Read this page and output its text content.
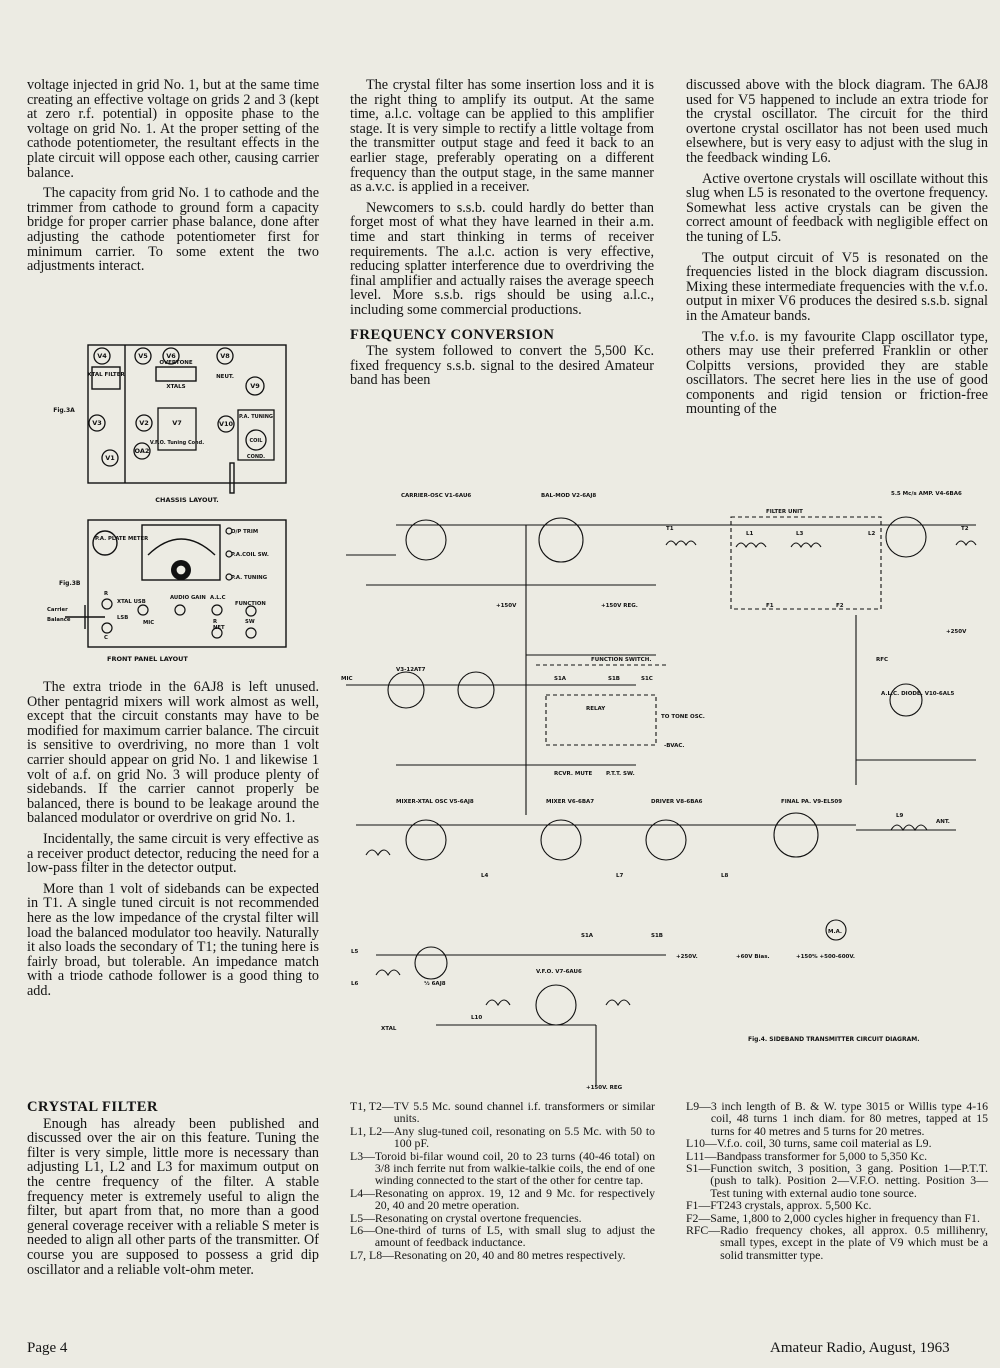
voltage injected in grid No. 1, but at the same time creating an effective voltage on grids 2 and 3 (kept at zero r.f. potential) in opposite phase to the voltage on grid No. 1. At the proper setting of the cathode potentiometer, the resultant effects in the plate circuit will oppose each other, causing carrier balance.

The capacity from grid No. 1 to cathode and the trimmer from cathode to ground form a capacity bridge for proper carrier phase balance, done after adjusting the cathode potentiometer first for minimum carrier. To some extent the two adjustments interact.

V4	V5	V6	V8
V9
V3	V7	V10
V1
V2
OA2
XTAL FILTER
OVERTONE
XTALS
NEUT.
V.F.O. Tuning Cond.
P.A. TUNING
COIL
COND.
Fig.3A
CHASSIS LAYOUT.
P.A. PLATE METER
O/P TRIM
P.A.COIL SW.
P.A. TUNING
AUDIO GAIN A.L.C
FUNCTION
XTAL USB
LSB
MIC
R
C
R
NET
SW
Carrier
Balance
Fig.3B
FRONT PANEL LAYOUT

The extra triode in the 6AJ8 is left unused. Other pentagrid mixers will work almost as well, except that the circuit constants may have to be modified for maximum carrier balance. The circuit is sensitive to overdriving, no more than 1 volt carrier should appear on grid No. 1 and likewise 1 volt of a.f. on grid No. 3 will produce plenty of sidebands. If the carrier cannot properly be balanced, there is bound to be leakage around the balanced modulator or overdrive on grid No. 1.

Incidentally, the same circuit is very effective as a receiver product detector, reducing the need for a low-pass filter in the detector output.

More than 1 volt of sidebands can be expected in T1. A single tuned circuit is not recommended here as the low impedance of the crystal filter will load the balanced modulator too heavily. Naturally it also loads the secondary of T1; the tuning here is fairly broad, but tolerable. An impedance match with a triode cathode follower is a good thing to add.

CRYSTAL FILTER

Enough has already been published and discussed over the air on this feature. Tuning the filter is very simple, little more is necessary than adjusting L1, L2 and L3 for maximum output on the centre frequency of the filter. A stable frequency meter is extremely useful to align the filter, but apart from that, no more than a good general coverage receiver with a reliable S meter is needed to align all other parts of the transmitter. Of course you are supposed to possess a grid dip oscillator and a reliable volt-ohm meter.

The crystal filter has some insertion loss and it is the right thing to amplify its output. At the same time, a.l.c. voltage can be applied to this amplifier stage. It is very simple to rectify a little voltage from the transmitter output stage and feed it back to an earlier stage, preferably operating on a different frequency than the output stage, in the same manner as a.v.c. is applied in a receiver.

Newcomers to s.s.b. could hardly do better than forget most of what they have learned in their a.m. time and start thinking in terms of receiver requirements. The a.l.c. action is very effective, reducing splatter interference due to overdriving the final amplifier and actually raises the average speech level. More s.s.b. rigs should be using a.l.c., including some commercial productions.

FREQUENCY CONVERSION

The system followed to convert the 5,500 Kc. fixed frequency s.s.b. signal to the desired Amateur band has been

discussed above with the block diagram. The 6AJ8 used for V5 happened to include an extra triode for the crystal oscillator. The circuit for the third overtone crystal oscillator has not been used much elsewhere, but is very easy to adjust with the slug in the feedback winding L6.

Active overtone crystals will oscillate without this slug when L5 is resonated to the overtone frequency. Somewhat less active crystals can be given the correct amount of feedback with negligible effect on the tuning of L5.

The output circuit of V5 is resonated on the frequencies listed in the block diagram discussion. Mixing these intermediate frequencies with the v.f.o. output in mixer V6 produces the desired s.s.b. signal in the Amateur bands.

The v.f.o. is my favourite Clapp oscillator type, others may use their preferred Franklin or other Colpitts versions, provided they are stable oscillators. The secret here lies in the use of good components and rigid tension or friction-free mounting of the

CARRIER-OSC V1-6AU6	BAL-MOD V2-6AJ8	5.5 Mc/s AMP. V4-6BA6
FILTER UNIT
V3-12AT7
FUNCTION SWITCH.
RELAY
A.L.C. DIODE. V10-6AL5
MIXER-XTAL OSC V5-6AJ8	MIXER V6-6BA7	DRIVER V8-6BA6	FINAL PA. V9-EL509
V.F.O. V7-6AU6
½ 6AJ8
MIC
T1	T2
L1	L2
L3
L4
L5
L6
L7	L8
L9
L10
F1	F2
XTAL
RFC
ANT.
M.A.
S1A	S1B	S1C
S1B
S1A
TO TONE OSC.
-BVAC.
RCVR. MUTE P.T.T. SW.
+150V
+250V
+150V REG.
+250V.	+60V Bias.	+150% +500-600V.
+150V. REG
Fig.4. SIDEBAND TRANSMITTER CIRCUIT DIAGRAM.
T1, T2— TV 5.5 Mc. sound channel i.f. transformers or similar units.
L1, L2— Any slug-tuned coil, resonating on 5.5 Mc. with 50 to 100 pF.
L3— Toroid bi-filar wound coil, 20 to 23 turns (40-46 total) on 3/8 inch ferrite nut from walkie-talkie coils, the end of one winding connected to the start of the other for centre tap.
L4— Resonating on approx. 19, 12 and 9 Mc. for respectively 20, 40 and 20 metre operation.
L5— Resonating on crystal overtone frequencies.
L6— One-third of turns of L5, with small slug to adjust the amount of feedback inductance.
L7, L8— Resonating on 20, 40 and 80 metres respectively.
L9— 3 inch length of B. & W. type 3015 or Willis type 4-16 coil, 48 turns 1 inch diam. for 80 metres, tapped at 15 turns for 40 metres and 5 turns for 20 metres.
L10— V.f.o. coil, 30 turns, same coil material as L9.
L11— Bandpass transformer for 5,000 to 5,350 Kc.
S1— Function switch, 3 position, 3 gang. Position 1—P.T.T. (push to talk). Position 2—V.F.O. netting. Position 3—Test tuning with external audio tone source.
F1— FT243 crystals, approx. 5,500 Kc.
F2— Same, 1,800 to 2,000 cycles higher in frequency than F1.
RFC— Radio frequency chokes, all approx. 0.5 millihenry, small types, except in the plate of V9 which must be a solid transmitter type.
Page 4	Amateur Radio, August, 1963
